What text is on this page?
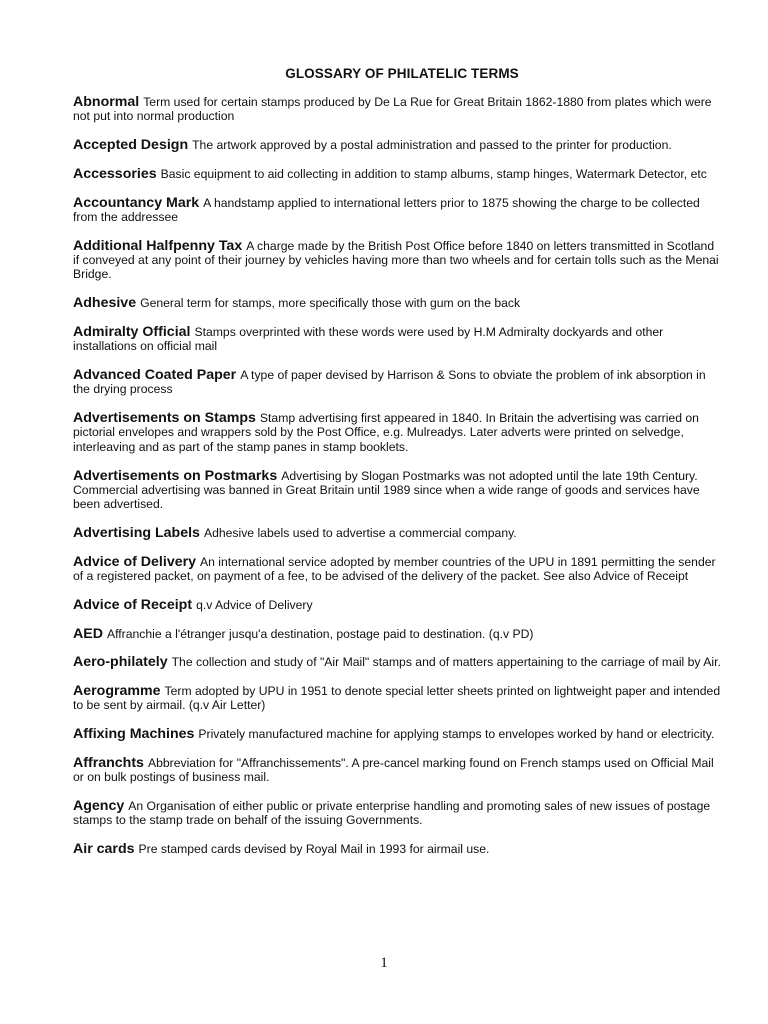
GLOSSARY OF PHILATELIC TERMS
Abnormal Term used for certain stamps produced by De La Rue for Great Britain 1862-1880 from plates which were not put into normal production
Accepted Design The artwork approved by a postal administration and passed to the printer for production.
Accessories Basic equipment to aid collecting in addition to stamp albums, stamp hinges, Watermark Detector, etc
Accountancy Mark A handstamp applied to international letters prior to 1875 showing the charge to be collected from the addressee
Additional Halfpenny Tax A charge made by the British Post Office before 1840 on letters transmitted in Scotland if conveyed at any point of their journey by vehicles having more than two wheels and for certain tolls such as the Menai Bridge.
Adhesive General term for stamps, more specifically those with gum on the back
Admiralty Official Stamps overprinted with these words were used by H.M Admiralty dockyards and other installations on official mail
Advanced Coated Paper A type of paper devised by Harrison & Sons to obviate the problem of ink absorption in the drying process
Advertisements on Stamps Stamp advertising first appeared in 1840. In Britain the advertising was carried on pictorial envelopes and wrappers sold by the Post Office, e.g. Mulreadys. Later adverts were printed on selvedge, interleaving and as part of the stamp panes in stamp booklets.
Advertisements on Postmarks Advertising by Slogan Postmarks was not adopted until the late 19th Century. Commercial advertising was banned in Great Britain until 1989 since when a wide range of goods and services have been advertised.
Advertising Labels Adhesive labels used to advertise a commercial company.
Advice of Delivery An international service adopted by member countries of the UPU in 1891 permitting the sender of a registered packet, on payment of a fee, to be advised of the delivery of the packet. See also Advice of Receipt
Advice of Receipt q.v Advice of Delivery
AED Affranchie a l'étranger jusqu'a destination, postage paid to destination. (q.v PD)
Aero-philately The collection and study of "Air Mail" stamps and of matters appertaining to the carriage of mail by Air.
Aerogramme Term adopted by UPU in 1951 to denote special letter sheets printed on lightweight paper and intended to be sent by airmail. (q.v Air Letter)
Affixing Machines Privately manufactured machine for applying stamps to envelopes worked by hand or electricity.
Affranchts Abbreviation for "Affranchissements". A pre-cancel marking found on French stamps used on Official Mail or on bulk postings of business mail.
Agency An Organisation of either public or private enterprise handling and promoting sales of new issues of postage stamps to the stamp trade on behalf of the issuing Governments.
Air cards Pre stamped cards devised by Royal Mail in 1993 for airmail use.
1
